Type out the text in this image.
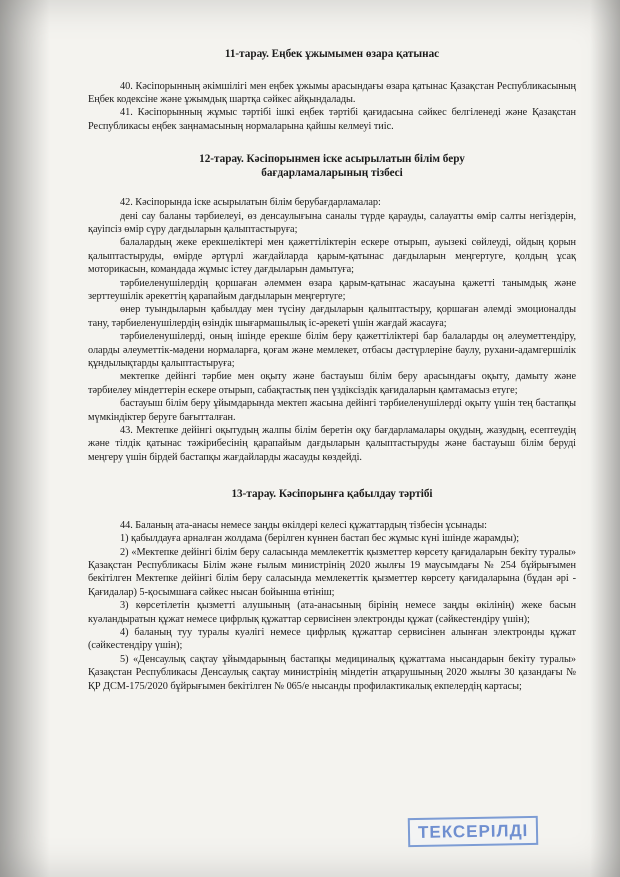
11-тарау. Еңбек ұжымымен өзара қатынас

40. Кәсіпорынның әкімшілігі мен еңбек ұжымы арасындағы өзара қатынас Қазақстан Республикасының Еңбек кодексіне және ұжымдық шартқа сәйкес айқындалады.

41. Кәсіпорынның жұмыс тәртібі ішкі еңбек тәртібі қағидасына сәйкес белгіленеді және Қазақстан Республикасы еңбек заңнамасының нормаларына қайшы келмеуі тиіс.

12-тарау. Кәсіпорынмен іске асырылатын білім беру
бағдарламаларының тізбесі

42. Кәсіпорында іске асырылатын білім берубағдарламалар:

дені сау баланы тәрбиелеуі, өз денсаулығына саналы түрде қарауды, салауатты өмір салты негіздерін, қауіпсіз өмір сүру дағдыларын қалыптастыруға;

балалардың жеке ерекшеліктері мен қажеттіліктерін ескере отырып, ауызекі сөйлеуді, ойдың қорын қалыптастыруды, өмірде әртүрлі жағдайларда қарым-қатынас дағдыларын меңгертуге, қолдың ұсақ моторикасын, командада жұмыс істеу дағдыларын дамытуға;

тәрбиеленушілердің қоршаған әлеммен өзара қарым-қатынас жасауына қажетті танымдық және зерттеушілік әрекеттің қарапайым дағдыларын меңгертуге;

өнер туындыларын қабылдау мен түсіну дағдыларын қалыптастыру, қоршаған әлемді эмоционалды тану, тәрбиеленушілердің өзіндік шығармашылық іс-әрекеті үшін жағдай жасауға;

тәрбиеленушілерді, оның ішінде ерекше білім беру қажеттіліктері бар балаларды оң әлеуметтендіру, оларды әлеуметтік-мәдени нормаларға, қоғам және мемлекет, отбасы дәстүрлеріне баулу, рухани-адамгершілік құндылықтарды қалыптастыруға;

мектепке дейінгі тәрбие мен оқыту және бастауыш білім беру арасындағы оқыту, дамыту және тәрбиелеу міндеттерін ескере отырып, сабақтастық пен үздіксіздік қағидаларын қамтамасыз етуге;

бастауыш білім беру ұйымдарында мектеп жасына дейінгі тәрбиеленушілерді оқыту үшін тең бастапқы мүмкіндіктер беруге бағытталған.

43. Мектепке дейінгі оқытудың жалпы білім беретін оқу бағдарламалары оқудың, жазудың, есептеудің және тілдік қатынас тәжірибесінің қарапайым дағдыларын қалыптастыруды және бастауыш білім беруді меңгеру үшін бірдей бастапқы жағдайларды жасауды көздейді.

13-тарау. Кәсіпорынға қабылдау тәртібі

44. Баланың ата-анасы немесе заңды өкілдері келесі құжаттардың тізбесін ұсынады:

1) қабылдауға арналған жолдама (берілген күннен бастап бес жұмыс күні ішінде жарамды);

2) «Мектепке дейінгі білім беру саласында мемлекеттік қызметтер көрсету қағидаларын бекіту туралы» Қазақстан Республикасы Білім және ғылым министрінің 2020 жылғы 19 маусымдағы № 254 бұйрығымен бекітілген Мектепке дейінгі білім беру саласында мемлекеттік қызметтер көрсету қағидаларына (бұдан әрі - Қағидалар) 5-қосымшаға сәйкес нысан бойынша өтініш;

3) көрсетілетін қызметті алушының (ата-анасының бірінің немесе заңды өкілінің) жеке басын куәландыратын құжат немесе цифрлық құжаттар сервисінен электронды құжат (сәйкестендіру үшін);

4) баланың туу туралы куәлігі немесе цифрлық құжаттар сервисінен алынған электронды құжат (сәйкестендіру үшін);

5) «Денсаулық сақтау ұйымдарының бастапқы медициналық құжаттама нысандарын бекіту туралы» Қазақстан Республикасы Денсаулық сақтау министрінің міндетін атқарушының 2020 жылғы 30 қазандағы № ҚР ДСМ-175/2020 бұйрығымен бекітілген № 065/е нысанды профилактикалық екпелердің картасы;

ТЕКСЕРІЛДІ
